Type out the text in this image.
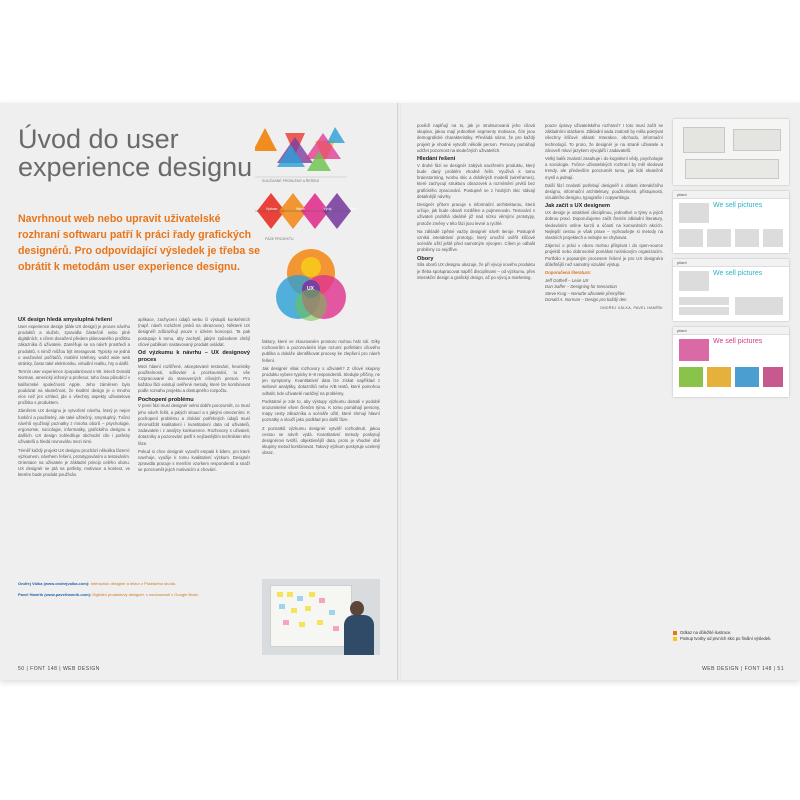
Úvod do user experience designu

Navrhnout web nebo upravit uživatelské rozhraní softwaru patří k práci řady grafických designérů. Pro odpovídající výsledek je třeba se obrátit k metodám user experience designu.

SOUČASNÉ PROBLÉMY A ŘEŠENÍ
Výzkum	Návrh	Vývoj	Test
FÁZE PROJEKTU
UX
UX design hledá smysluplná řešení

User experience design (dále UX design) je proces návrhu produktů a služeb, zpravidla částečně nebo plně digitálních, s cílem dosažení předem plánovaného prožitku zákazníka či uživatele. Zaměřuje se na návrh prostředí a produktů, s nimiž můžou být interagovat. Typicky se jedná o uvažování počítačů, mobilní telefony, world wide web stránky, často také elektroniku, virtuální realitu, hry a další.

Termín user experience zpopularizoval v 90. letech Donald Norman, americký inženýr a profesor, toho času působící v kalifornské společnosti Apple. Jeho záměrem bylo poukázat na skutečnost, že kvalitní design je o mnoho více než jen vzhled, jde o všechny aspekty uživatelova prožitku s produktem.

Záměrem UX designu je vytvoření návrhu, který je nejen funkční a použitelný, ale také užitečný, smysluplný. Tvůrci návrhů využívají poznatky z mnoha oborů – psychologie, ergonomie, sociologie, informatiky, grafického designu a dalších. UX design zohledňuje obchodní cíle i potřeby uživatelů a hledá rovnováhu mezi nimi.

Téměř každý projekt UX designu prochází několika fázemi: výzkumem, návrhem řešení, prototypováním a testováním. Orientace na uživatele je základní princip celého oboru. UX designér se ptá na potřeby, motivace a kontext, ve kterém bude produkt používán.

aplikace, zachycení údajů webu či výstupů konkrétních (např. návrh rozložení prvků na obrazovce). Některé UX designéři zdůrazňují pouze v úzkém koncepci. Ta pak postupuje k tomu, aby zachytil, jakým způsobem chtějí cílové publikum nastavovaný produkt ovládat.

Od výzkumu k návrhu – UX designový proces

Mezi hlavní rozšířené, akceptované testování, heuristiky použitelnosti, sdílování a prozkoumání, to vše rozpracované do stanovených cílových person. Pro každou fázi existují ověřené metody, které lze kombinovat podle rozsahu projektu a dostupného rozpočtu.

Pochopení problému

V první fázi musí designér velmi dobře porozumět, co musí jeho návrh řešit, a jakých situací a s jakými omezeními. K pochopení problému a získání potřebných údajů musí shromáždit kvalitativní i kvantitativní data od uživatelů, zadavatele i z analýzy konkurence. Rozhovory s uživateli, dotazníky a pozorování patří k nejčastějším technikám této fáze.

Pokud si chce designér vytvořit empatii k lidem, pro které navrhuje, využije k tomu kvalitativní výzkum. Designér zpravidla pracuje s menším vzorkem respondentů a snaží se porozumět jejich motivacím a chování.

faktory, které ve zkoumaném prostoru mohou hrát roli. Díky rozhovorům a pozorováním lépe rozumí potřebám cílového publika a dokáže identifikovat procesy ke zlepšení pro návrh řešení.

Jak designér však rozhovory s uživateli? Z cílové skupiny produktu vybere typicky 6–8 respondentů. Sledujte příčiny, ne jen symptomy. Kvantitativní data lze získat například z webové analytiky, dotazníků nebo A/B testů, které pomohou odhalit, kde uživatelé narážejí na problémy.

Podstatné je zde to, aby výstupy výzkumu dostali v podobě srozumitelné všem členům týmu. K tomu pomáhají persony, mapy cesty zákazníka a scénáře užití, které shrnují hlavní poznatky a slouží jako podklad pro další fáze.

Z poznatků výzkumu designér vytváří rozhodnutí, jakou cestou se návrh vydá. Kvantitativní metody poskytují designérovi tvrdší, objektivnější data, proto je vhodné obě skupiny metod kombinovat. Takový výzkum poskytuje ucelený obraz.

Ondřej Válka (www.ondrejvalka.com): Interaction designer a lektor z Pražského studia.
Pavel Hamřík (www.pavelhamrik.com): Digitální produktový designér, v současnosti v Google Brain.
50 | FONT 148 | WEB DESIGN

povědí naplňují na to, jak je strukturovaná jeho cílová skupina, jakou mají jednotlivé segmenty motivace, čím jsou demografické charakteristiky. Převládá názor, že pro každý projekt je vhodné vytvořit několik person. Persony pomáhají udržet pozornost na skutečných uživatelích.

Hledání řešení

V druhé fázi se designér zabývá navržením produktu, který bude daný problém vhodně řešit. Využívá k tomu brainstorming, tvorbu skic a drátěných modelů (wireframes), které zachycují strukturu obrazovek a rozmístění prvků bez grafického zpracování. Postupně se z hrubých skic stávají detailnější návrhy.

Designér přitom pracuje s informační architekturou, která určuje, jak bude obsah rozdělen a pojmenován. Testování s uživateli probíhá ideálně již nad nízko věrnými prototypy, protože změny v této fázi jsou levné a rychlé.

Na základě zpětné vazby designér návrh iteruje. Postupně vzniká interaktivní prototyp, který umožní ověřit klíčové scénáře užití ještě před samotným vývojem. Cílem je odhalit problémy co nejdříve.

Obory

Síla oborů UX designu ukazuje, že při vývoji nového produktu je třeba spolupracovat napříč disciplínami – od výzkumu, přes interakční design a grafický design, až po vývoj a marketing.

pouze úpravy uživatelského rozhraní? I toto musí začít se základními otázkami. Základní sada znalostí by měla pokrývat všechny klíčové oblasti: Interakce, obchodu, informační technologií. To proto, že designér je na straně uživatele a zároveň mluví jazykem vývojářů i zadavatelů.

Velký balík znalostí zasahuje i do kognitivní vědy, psychologie a sociologie. Tvůrce uživatelských rozhraní by měl sledovat trendy, ale především porozumět tomu, jak lidé skutečně myslí a jednají.

Další fází znalostí potřebují designéři v oblasti interakčního designu, informační architektury, použitelnosti, přístupnosti, vizuálního designu, typografie i copywritingu.

Jak začít s UX designem

UX design je atraktivní disciplínou, jednotlivé a týmy a jejich dobrou praxí. Doporučujeme začít čtením základní literatury, sledováním online kurzů a účastí na komunitních akcích. Nejlepší cestou je však praxe – vyzkoušejte si metody na vlastních projektech a nebojte se chybovat.

Zájemci o práci v oboru mohou přispívat i do open-source projektů nebo dobrovolně pomáhat neziskovým organizacím. Portfolio s popsaným procesem řešení je pro UX designéra důležitější než samotný vizuální výstup.

Doporučená literatura:

Jeff Gothelf – Lean UX

Dan Saffer – Designing for Interaction

Steve Krug – Nenuťte uživatele přemýšlet

Donald A. Norman – Design pro každý den

ONDŘEJ VÁLKA, PAVEL HAMŘÍK

pliant
We sell pictures
pliant
We sell pictures
pliant
We sell pictures
Odkaz na důležité ilustrace.
Postup tvorby od prvních skic po finální výsledek.
WEB DESIGN | FONT 148 | 51
